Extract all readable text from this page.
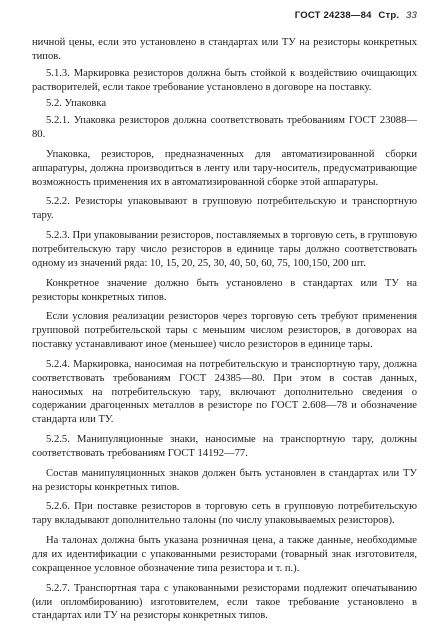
ГОСТ 24238—84 Стр. 33

ничной цены, если это установлено в стандартах или ТУ на резисторы конкретных типов.

5.1.3. Маркировка резисторов должна быть стойкой к воздействию очищающих растворителей, если такое требование установлено в договоре на поставку.

5.2. Упаковка

5.2.1. Упаковка резисторов должна соответствовать требованиям ГОСТ 23088—80.

Упаковка, резисторов, предназначенных для автоматизированной сборки аппаратуры, должна производиться в ленту или тарy-носитель, предусматривающие возможность применения их в автоматизированной сборке этой аппаратуры.

5.2.2. Резисторы упаковывают в групповую потребительскую и транспортную тару.

5.2.3. При упаковывании резисторов, поставляемых в торговую сеть, в групповую потребительскую тару число резисторов в единице тары должно соответствовать одному из значений ряда: 10, 15, 20, 25, 30, 40, 50, 60, 75, 100,150, 200 шт.

Конкретное значение должно быть установлено в стандартах или ТУ на резисторы конкретных типов.

Если условия реализации резисторов через торговую сеть требуют применения групповой потребительской тары с меньшим числом резисторов, в договорах на поставку устанавливают иное (меньшее) число резисторов в единице тары.

5.2.4. Маркировка, наносимая на потребительскую и транспортную тару, должна соответствовать требованиям ГОСТ 24385—80. При этом в состав данных, наносимых на потребительскую тару, включают дополнительно сведения о содержании драгоценных металлов в резисторе по ГОСТ 2.608—78 и обозначение стандарта или ТУ.

5.2.5. Манипуляционные знаки, наносимые на транспортную тару, должны соответствовать требованиям ГОСТ 14192—77.

Состав манипуляционных знаков должен быть установлен в стандартах или ТУ на резисторы конкретных типов.

5.2.6. При поставке резисторов в торговую сеть в групповую потребительскую тару вкладывают дополнительно талоны (по числу упаковываемых резисторов).

На талонах должна быть указана розничная цена, а также данные, необходимые для их идентификации с упакованными резисторами (товарный знак изготовителя, сокращенное условное обозначение типа резистора и т. п.).

5.2.7. Транспортная тара с упакованными резисторами подлежит опечатыванию (или опломбированию) изготовителем, если такое требование установлено в стандартах или ТУ на резисторы конкретных типов.
